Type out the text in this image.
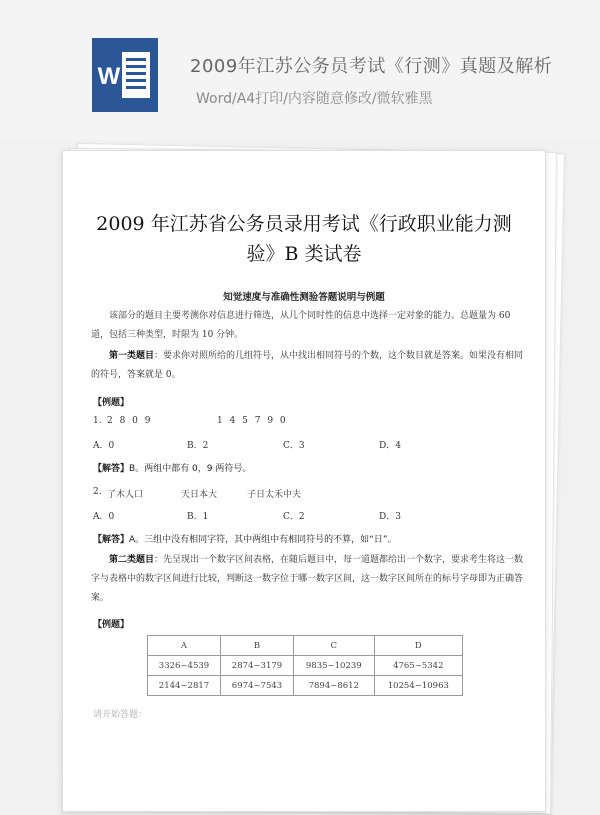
W	2009年江苏公务员考试《行测》真题及解析
Word/A4打印/内容随意修改/微软雅黑
2009 年江苏省公务员录用考试《行政职业能力测
验》B 类试卷
知觉速度与准确性测验答题说明与例题
该部分的题目主要考测你对信息进行筛选，从几个同时性的信息中选择一定对象的能力。总题量为 60 道，包括三种类型，时限为 10 分钟。
第一类题目：要求你对照所给的几组符号，从中找出相同符号的个数，这个数目就是答案。如果没有相同的符号，答案就是 0。
【例题】
1. 2 8 0 9	1 4 5 7 9 0
A．0	B．2	C．3	D．4
【解答】B。两组中都有 0，9 两符号。
2. 了木人口	天日本大	子日太禾中夫
A．0	B．1	C．2	D．3
【解答】A。三组中没有相同字符，其中两组中有相同符号的不算，如“日”。
第二类题目：先呈现出一个数字区间表格，在随后题目中，每一道题都给出一个数字，要求考生将这一数字与表格中的数字区间进行比较，判断这一数字位于哪一数字区间，这一数字区间所在的标号字母即为正确答案。
【例题】
A	B	C	D
3326~4539	2874~3179	9835~10239	4765~5342
2144~2817	6974~7543	7894~8612	10254~10963
请开始答题：
